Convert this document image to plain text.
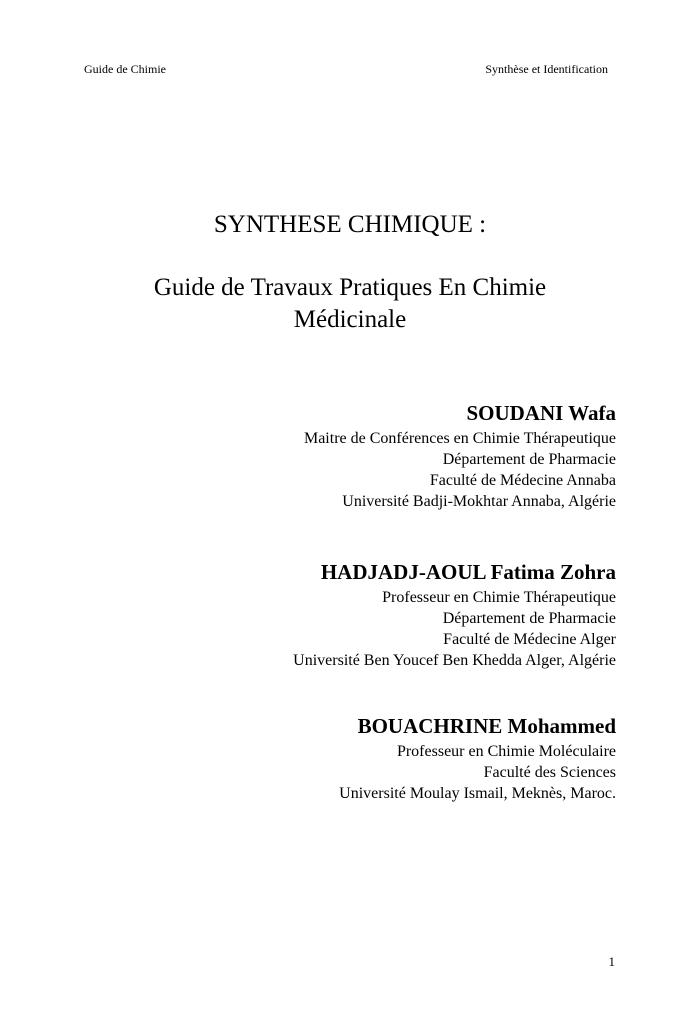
Guide de Chimie	Synthèse et Identification
SYNTHESE CHIMIQUE :
Guide de Travaux Pratiques En Chimie
Médicinale
SOUDANI Wafa
Maitre de Conférences en Chimie Thérapeutique
Département de Pharmacie
Faculté de Médecine Annaba
Université Badji-Mokhtar Annaba, Algérie
HADJADJ-AOUL Fatima Zohra
Professeur en Chimie Thérapeutique
Département de Pharmacie
Faculté de Médecine Alger
Université Ben Youcef Ben Khedda Alger, Algérie
BOUACHRINE Mohammed
Professeur en Chimie Moléculaire
Faculté des Sciences
Université Moulay Ismail, Meknès, Maroc.
1
